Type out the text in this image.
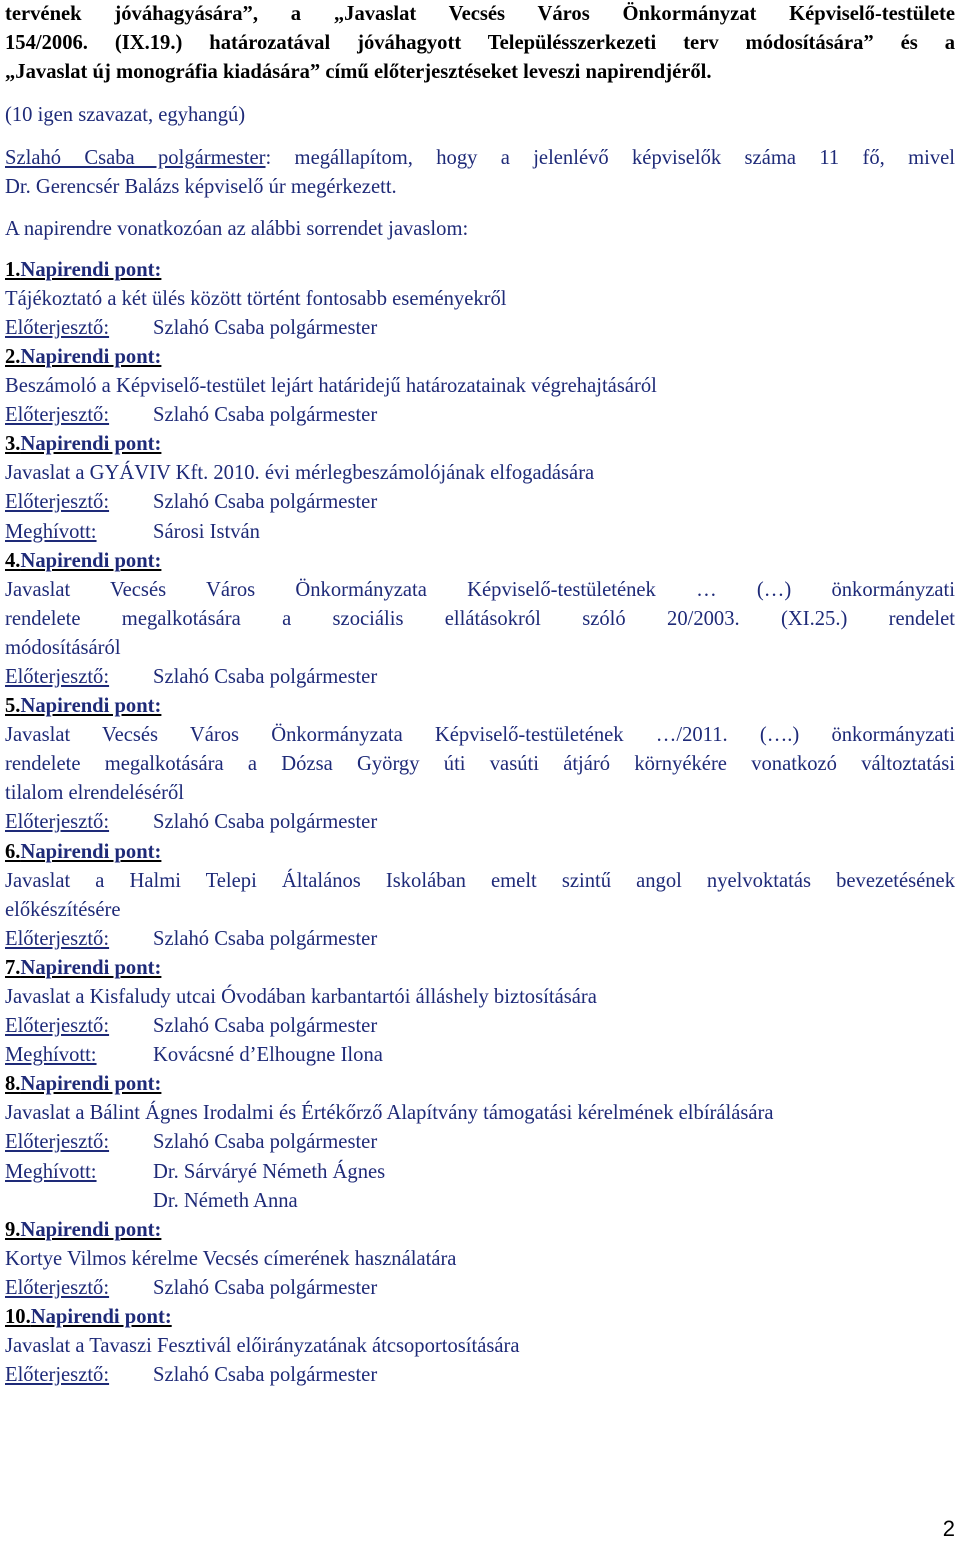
tervének jóváhagyására”, a „Javaslat Vecsés Város Önkormányzat Képviselő-testülete

154/2006. (IX.19.) határozatával jóváhagyott Településszerkezeti terv módosítására” és a

„Javaslat új monográfia kiadására” című előterjesztéseket leveszi napirendjéről.

(10 igen szavazat, egyhangú)

Szlahó Csaba polgármester: megállapítom, hogy a jelenlévő képviselők száma 11 fő, mivel

Dr. Gerencsér Balázs képviselő úr megérkezett.

A napirendre vonatkozóan az alábbi sorrendet javaslom:

1.Napirendi pont:

Tájékoztató a két ülés között történt fontosabb eseményekről

Előterjesztő: Szlahó Csaba polgármester

2.Napirendi pont:

Beszámoló a Képviselő-testület lejárt határidejű határozatainak végrehajtásáról

Előterjesztő: Szlahó Csaba polgármester

3.Napirendi pont:

Javaslat a GYÁVIV Kft. 2010. évi mérlegbeszámolójának elfogadására

Előterjesztő: Szlahó Csaba polgármester

Meghívott:	Sárosi István

4.Napirendi pont:

Javaslat Vecsés Város Önkormányzata Képviselő-testületének … (…) önkormányzati

rendelete megalkotására a szociális ellátásokról szóló 20/2003. (XI.25.) rendelet

módosításáról

Előterjesztő: Szlahó Csaba polgármester

5.Napirendi pont:

Javaslat Vecsés Város Önkormányzata Képviselő-testületének …/2011. (….) önkormányzati

rendelete megalkotására a Dózsa György úti vasúti átjáró környékére vonatkozó változtatási

tilalom elrendeléséről

Előterjesztő: Szlahó Csaba polgármester

6.Napirendi pont:

Javaslat a Halmi Telepi Általános Iskolában emelt szintű angol nyelvoktatás bevezetésének

előkészítésére

Előterjesztő: Szlahó Csaba polgármester

7.Napirendi pont:

Javaslat a Kisfaludy utcai Óvodában karbantartói álláshely biztosítására

Előterjesztő: Szlahó Csaba polgármester

Meghívott:	Kovácsné d’Elhougne Ilona

8.Napirendi pont:

Javaslat a Bálint Ágnes Irodalmi és Értékőrző Alapítvány támogatási kérelmének elbírálására

Előterjesztő: Szlahó Csaba polgármester

Meghívott:	Dr. Sárváryé Németh Ágnes

Dr. Németh Anna

9.Napirendi pont:

Kortye Vilmos kérelme Vecsés címerének használatára

Előterjesztő: Szlahó Csaba polgármester

10.Napirendi pont:

Javaslat a Tavaszi Fesztivál előirányzatának átcsoportosítására

Előterjesztő: Szlahó Csaba polgármester

2
